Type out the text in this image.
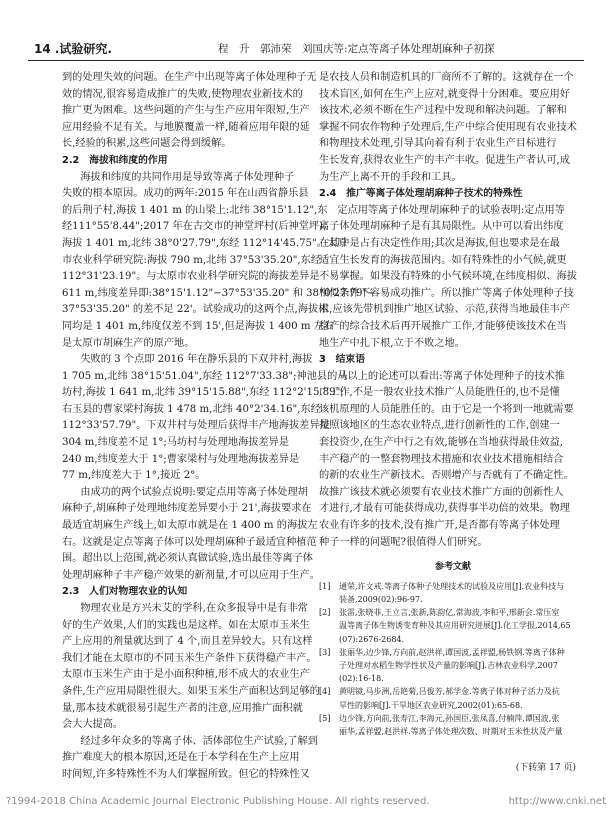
14 .试验研究.	程　升　郭沛荣　刘国庆等:定点等离子体处理胡麻种子初探
到的处理失效的问题。在生产中出现等离子体处理种子无
效的情况,很容易造成推广的失败,使物理农业新技术的
推广更为困难。这些问题的产生与生产应用年限短,生产
应用经验不足有关。与地膜覆盖一样,随着应用年限的延
长,经验的积累,这些问题会得到缓解。
2.2　海拔和纬度的作用
海拔和纬度的共同作用是导致等离子体处理种子
失败的根本原因。成功的两年:2015 年在山西省静乐县
的后荆子村,海拔 1 401 m 的山梁上:北纬 38°15'1.12",东
经111°55'8.44";2017 年在古交市的神堂坪村(后神堂坪),
海拔 1 401 m,北纬 38°0'27.79",东经 112°14'45.75"。太原
市农业科学研究院:海拔 790 m,北纬 37°53'35.20",东经
112°31'23.19"。与太原市农业科学研究院的海拔差异是
611 m,纬度差异即:38°15'1.12"−37°53'35.20" 和 38°0'27.79"−
37°53'35.20" 的差不足 22'。试验成功的这两个点,海拔相
同均是 1 401 m,纬度仅差不到 15',但是海拔 1 400 m 左右
是太原市胡麻生产的原产地。
失败的 3 个点即 2016 年在静乐县的下双井村,海拔
1 705 m,北纬 38°15'51.04",东经 112°7'33.38";神池县的马
坊村,海拔 1 641 m,北纬 39°15'15.88",东经 112°2'15.89";
右玉县的曹家梁村海拔 1 478 m,北纬 40°2'34.16",东经
112°33'57.79"。下双井村与处理后获得丰产地海拔差异是
304 m,纬度差不足 1°;马坊村与处理地海拔差异是
240 m,纬度差大于 1°;曹家梁村与处理地海拔差异是
77 m,纬度差大于 1°,接近 2°。
由成功的两个试验点说明:要定点用等离子体处理胡
麻种子,胡麻种子处理地纬度差异要小于 21',海拔要求在
最适宜胡麻生产线上,如太原市就是在 1 400 m 的海拔左
右。这就是定点等离子体可以处理胡麻种子最适宜种植范
围。超出以上范围,就必须认真做试验,选出最佳等离子体
处理胡麻种子丰产稳产效果的新剂量,才可以应用于生产。
2.3　人们对物理农业的认知
物理农业是方兴未艾的学科,在众多报导中是有非常
好的生产效果,人们的实践也是这样。如在太原市玉米生
产上应用的剂量就达到了 4 个,而且差异较大。只有这样
我们才能在太原市的不同玉米生产条件下获得稳产丰产。
太原市玉米生产由于是小面积种植,形不成大的农业生产
条件,生产应用局限性很大。如果玉米生产面积达到足够的
量,那本技术就很易引起生产者的注意,应用推广面积就
会大大提高。
经过多年众多的等离子体、活体部位生产试验,了解到
推广难度大的根本原因,还是在于本学科在生产上应用
时间短,许多特殊性不为人们掌握所致。但它的特殊性又
是农技人员和制造机具的厂商所不了解的。这就存在一个
技术盲区,如何在生产上应对,就变得十分困难。要应用好
该技术,必须不断在生产过程中发现和解决问题。了解和
掌握不同农作物种子处理后,生产中综合使用现有农业技术
和物理技术处理,引导其向着有利于农业生产目标进行
生长发育,获得农业生产的丰产丰收。促进生产者认可,成
为生产上离不开的手段和工具。
2.4　推广等离子体处理胡麻种子技术的特殊性
定点用等离子体处理胡麻种子的试验表明:定点用等
离子体处理胡麻种子是有其局限性。从中可以看出纬度
在其中是占有决定性作用;其次是海拔,但也要求是在最
适宜生长发育的海拔范围内。如有特殊性的小气候,就更
不易掌握。如果没有特殊的小气候环境,在纬度相似、海拔
相似条件下容易成功推广。所以推广等离子体处理种子技
术,应该先带机到推广地区试验、示范,获得当地最佳丰产
稳产的综合技术后再开展推广工作,才能够使该技术在当
地生产中扎下根,立于不败之地。
3　结束语
从以上的论述可以看出:等离子体处理种子的技术推
广工作,不是一般农业技术推广人员能胜任的,也不是懂
该机原理的人员能胜任的。由于它是一个将到一地就需要
按照该地区的生态农业特点,进行创新性的工作,创建一
套投资少,在生产中行之有效,能够在当地获得最佳效益,
丰产稳产的一整套物理技术措施和农业技术措施相结合
的新的农业生产新技术。否则增产与否就有了不确定性。
故推广该技术就必须要有农业技术推广方面的创新性人
才进行,才最有可能获得成功,获得事半功倍的效果。物理
农业有许多的技术,没有推广开,是否都有等离子体处理
种子一样的问题呢?很值得人们研究。
参考文献
[1]	通荣,许文戒.等离子体种子处理技术的试验及应用[J].农业科技与
装备,2009(02):96-97.
[2]	张雷,张晓菲,王立言,张新,陈韵亿,常海波,李和平,邢新会.常压室
温等离子体生物诱变育种及其应用研究进展[J].化工学报,2014,65
(07):2676-2684.
[3]	张丽华,边少锋,方向前,赵洪祥,谭国波,孟祥盟,杨铁钢.等离子体种
子处理对水稻生物学性状及产量的影响[J].吉林农业科学,2007
(02):16-18.
[4]	黄明镜,马步洲,岳艳菊,吕俊芳,郝学金.等离子体对种子活力及抗
旱性的影响[J].干旱地区农业研究,2002(01):65-68.
[5]	边少锋,方向前,张寿江,李海元,孙国臣,张凤喜,付楠萍,谭国波,张
丽华,孟祥盟,赵洪祥.等离子体处理次数、时期对玉米性状及产量
(下转第 17 页)
?1994-2018 China Academic Journal Electronic Publishing House. All rights reserved.	http://www.cnki.net
